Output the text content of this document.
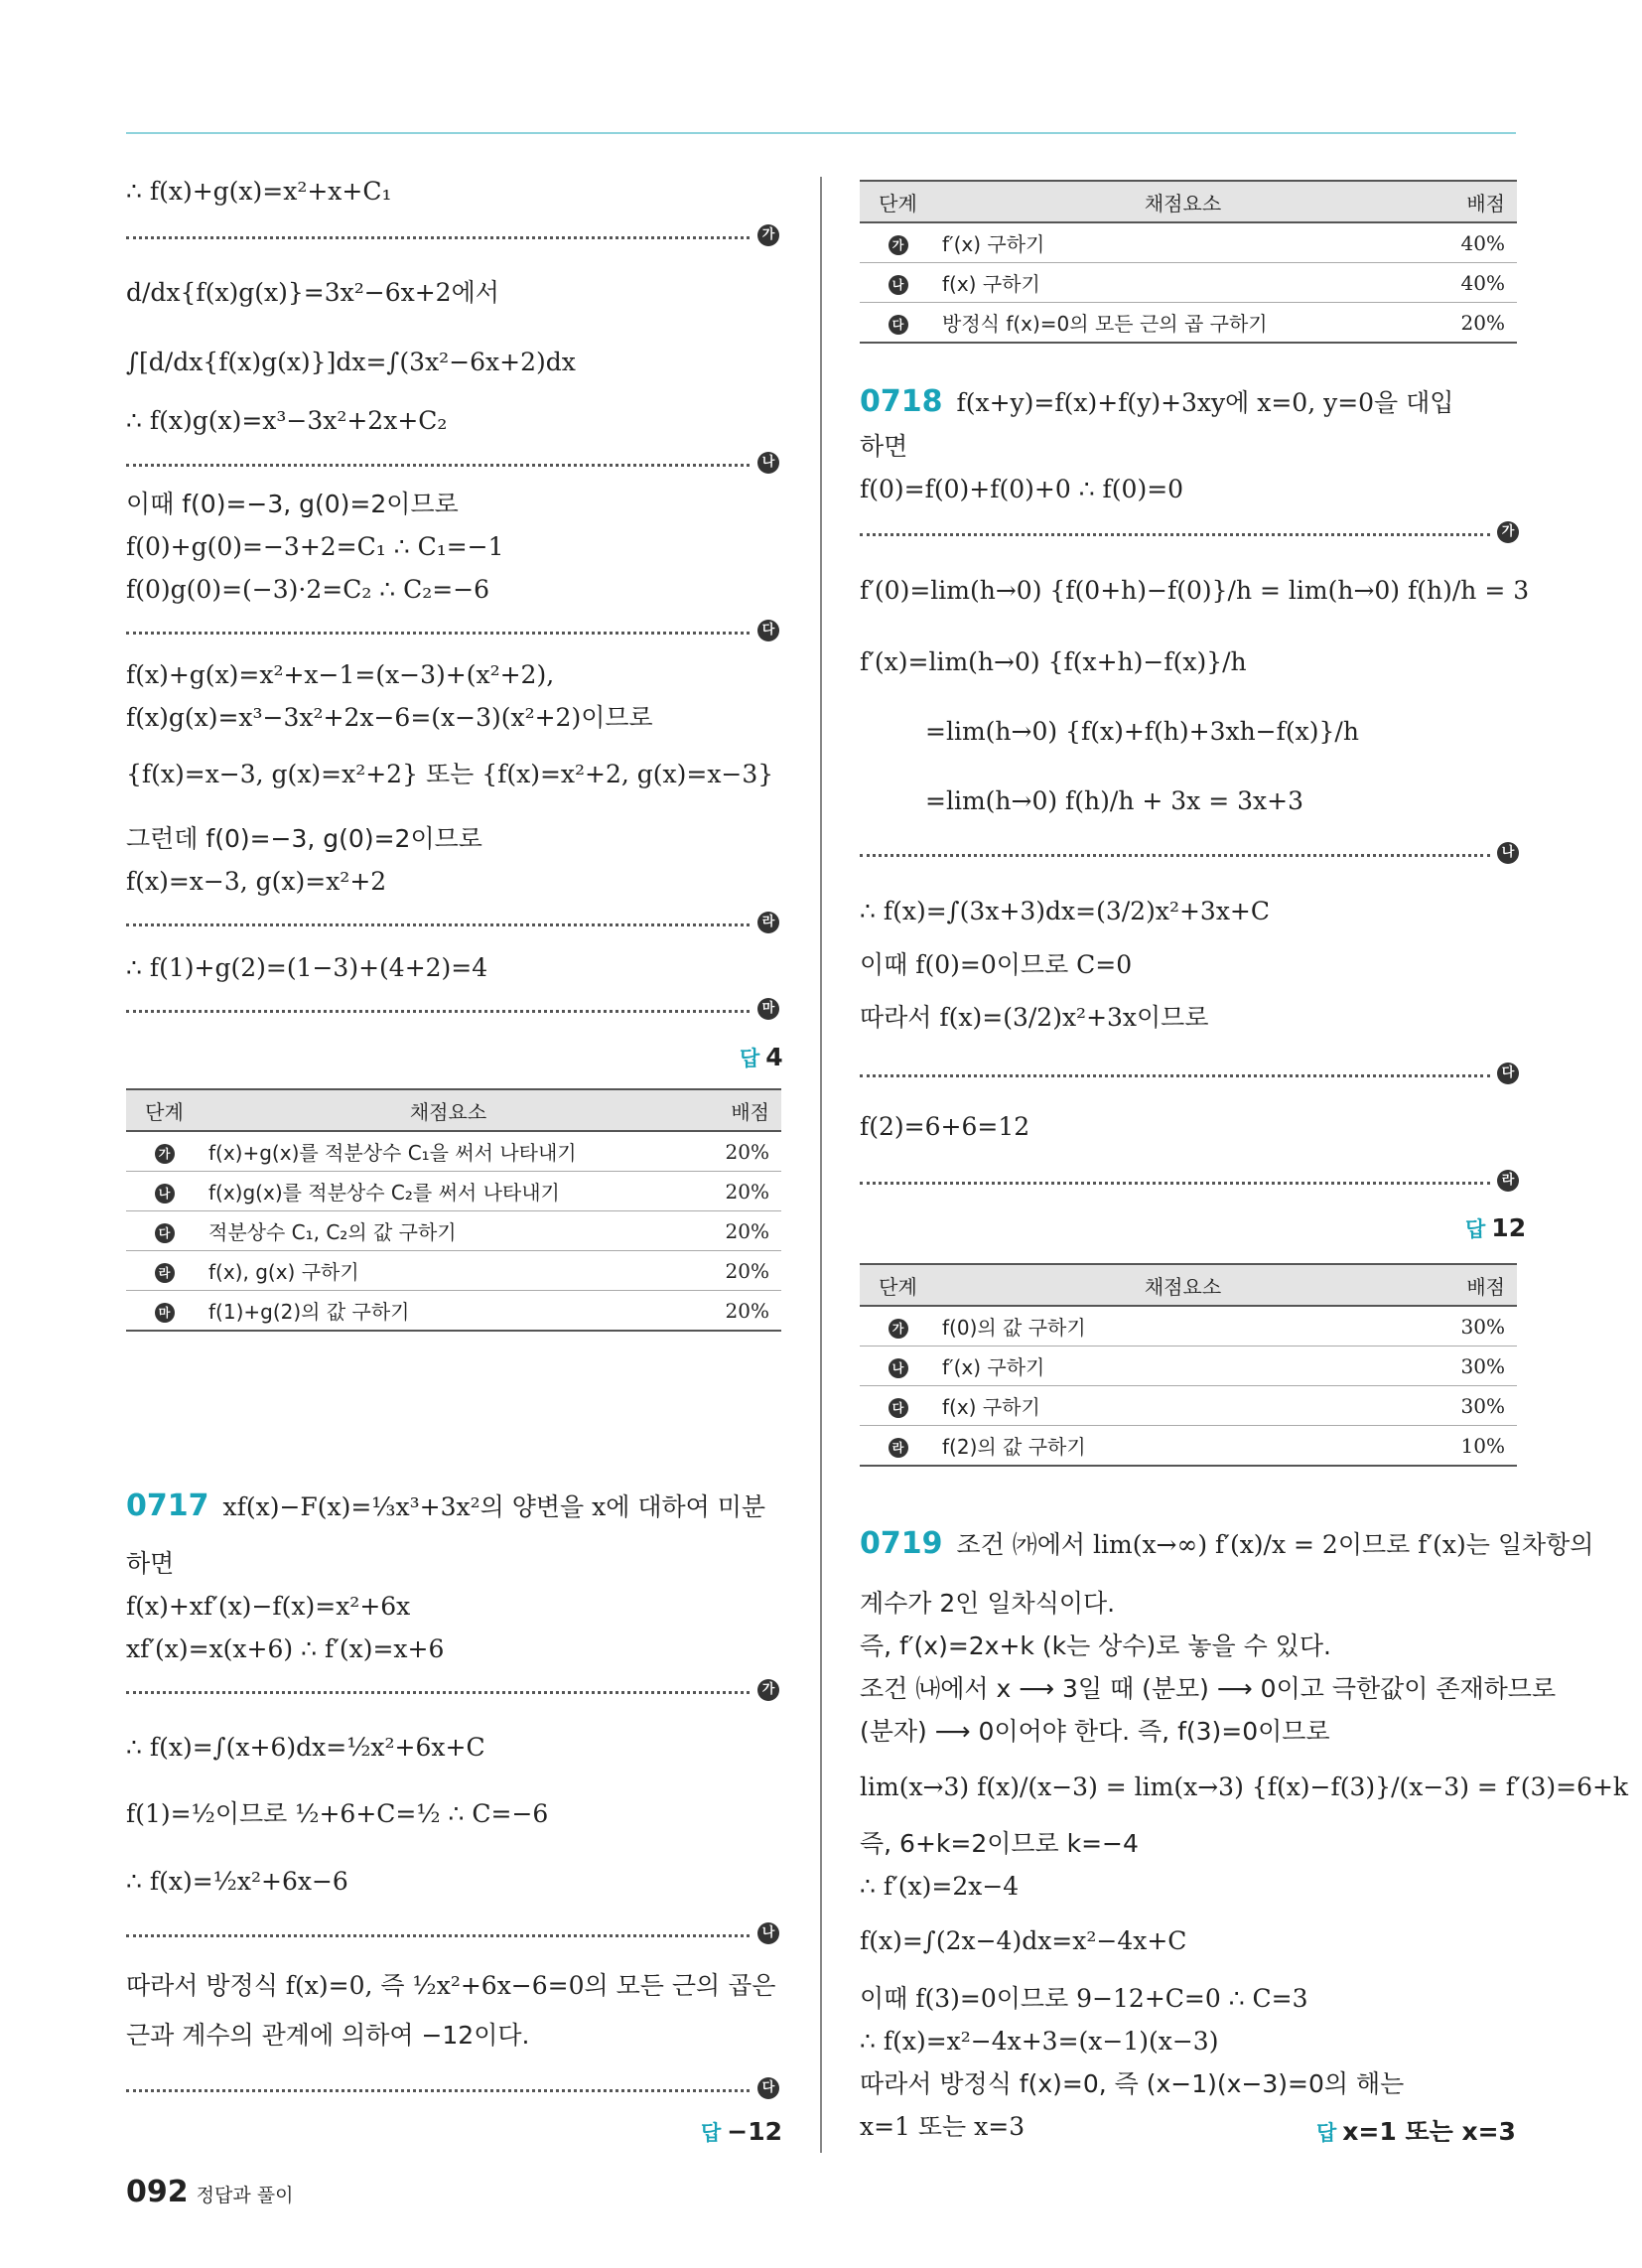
∴ f(x)+g(x)=x²+x+C₁
가
d/dx{f(x)g(x)}=3x²−6x+2에서
∫[d/dx{f(x)g(x)}]dx=∫(3x²−6x+2)dx
∴ f(x)g(x)=x³−3x²+2x+C₂
나
이때 f(0)=−3, g(0)=2이므로
f(0)+g(0)=−3+2=C₁ ∴ C₁=−1
f(0)g(0)=(−3)·2=C₂ ∴ C₂=−6
다
f(x)+g(x)=x²+x−1=(x−3)+(x²+2),
f(x)g(x)=x³−3x²+2x−6=(x−3)(x²+2)이므로
{f(x)=x−3, g(x)=x²+2} 또는 {f(x)=x²+2, g(x)=x−3}
그런데 f(0)=−3, g(0)=2이므로
f(x)=x−3, g(x)=x²+2
라
∴ f(1)+g(2)=(1−3)+(4+2)=4
마
답 4
단계	채점요소	배점
가	f(x)+g(x)를 적분상수 C₁을 써서 나타내기	20%
나	f(x)g(x)를 적분상수 C₂를 써서 나타내기	20%
다	적분상수 C₁, C₂의 값 구하기	20%
라	f(x), g(x) 구하기	20%
마	f(1)+g(2)의 값 구하기	20%
0717 xf(x)−F(x)=⅓x³+3x²의 양변을 x에 대하여 미분
하면
f(x)+xf′(x)−f(x)=x²+6x
xf′(x)=x(x+6) ∴ f′(x)=x+6
가
∴ f(x)=∫(x+6)dx=½x²+6x+C
f(1)=½이므로 ½+6+C=½ ∴ C=−6
∴ f(x)=½x²+6x−6
나
따라서 방정식 f(x)=0, 즉 ½x²+6x−6=0의 모든 근의 곱은
근과 계수의 관계에 의하여 −12이다.
다
답 −12
단계	채점요소	배점
가	f′(x) 구하기	40%
나	f(x) 구하기	40%
다	방정식 f(x)=0의 모든 근의 곱 구하기	20%
0718 f(x+y)=f(x)+f(y)+3xy에 x=0, y=0을 대입
하면
f(0)=f(0)+f(0)+0 ∴ f(0)=0
가
f′(0)=lim(h→0) {f(0+h)−f(0)}/h = lim(h→0) f(h)/h = 3
f′(x)=lim(h→0) {f(x+h)−f(x)}/h
=lim(h→0) {f(x)+f(h)+3xh−f(x)}/h
=lim(h→0) f(h)/h + 3x = 3x+3
나
∴ f(x)=∫(3x+3)dx=(3/2)x²+3x+C
이때 f(0)=0이므로 C=0
따라서 f(x)=(3/2)x²+3x이므로
다
f(2)=6+6=12
라
답 12
단계	채점요소	배점
가	f(0)의 값 구하기	30%
나	f′(x) 구하기	30%
다	f(x) 구하기	30%
라	f(2)의 값 구하기	10%
0719 조건 ㈎에서 lim(x→∞) f′(x)/x = 2이므로 f′(x)는 일차항의
계수가 2인 일차식이다.
즉, f′(x)=2x+k (k는 상수)로 놓을 수 있다.
조건 ㈏에서 x ⟶ 3일 때 (분모) ⟶ 0이고 극한값이 존재하므로
(분자) ⟶ 0이어야 한다. 즉, f(3)=0이므로
lim(x→3) f(x)/(x−3) = lim(x→3) {f(x)−f(3)}/(x−3) = f′(3)=6+k
즉, 6+k=2이므로 k=−4
∴ f′(x)=2x−4
f(x)=∫(2x−4)dx=x²−4x+C
이때 f(3)=0이므로 9−12+C=0 ∴ C=3
∴ f(x)=x²−4x+3=(x−1)(x−3)
따라서 방정식 f(x)=0, 즉 (x−1)(x−3)=0의 해는
x=1 또는 x=3	답 x=1 또는 x=3
092 정답과 풀이
